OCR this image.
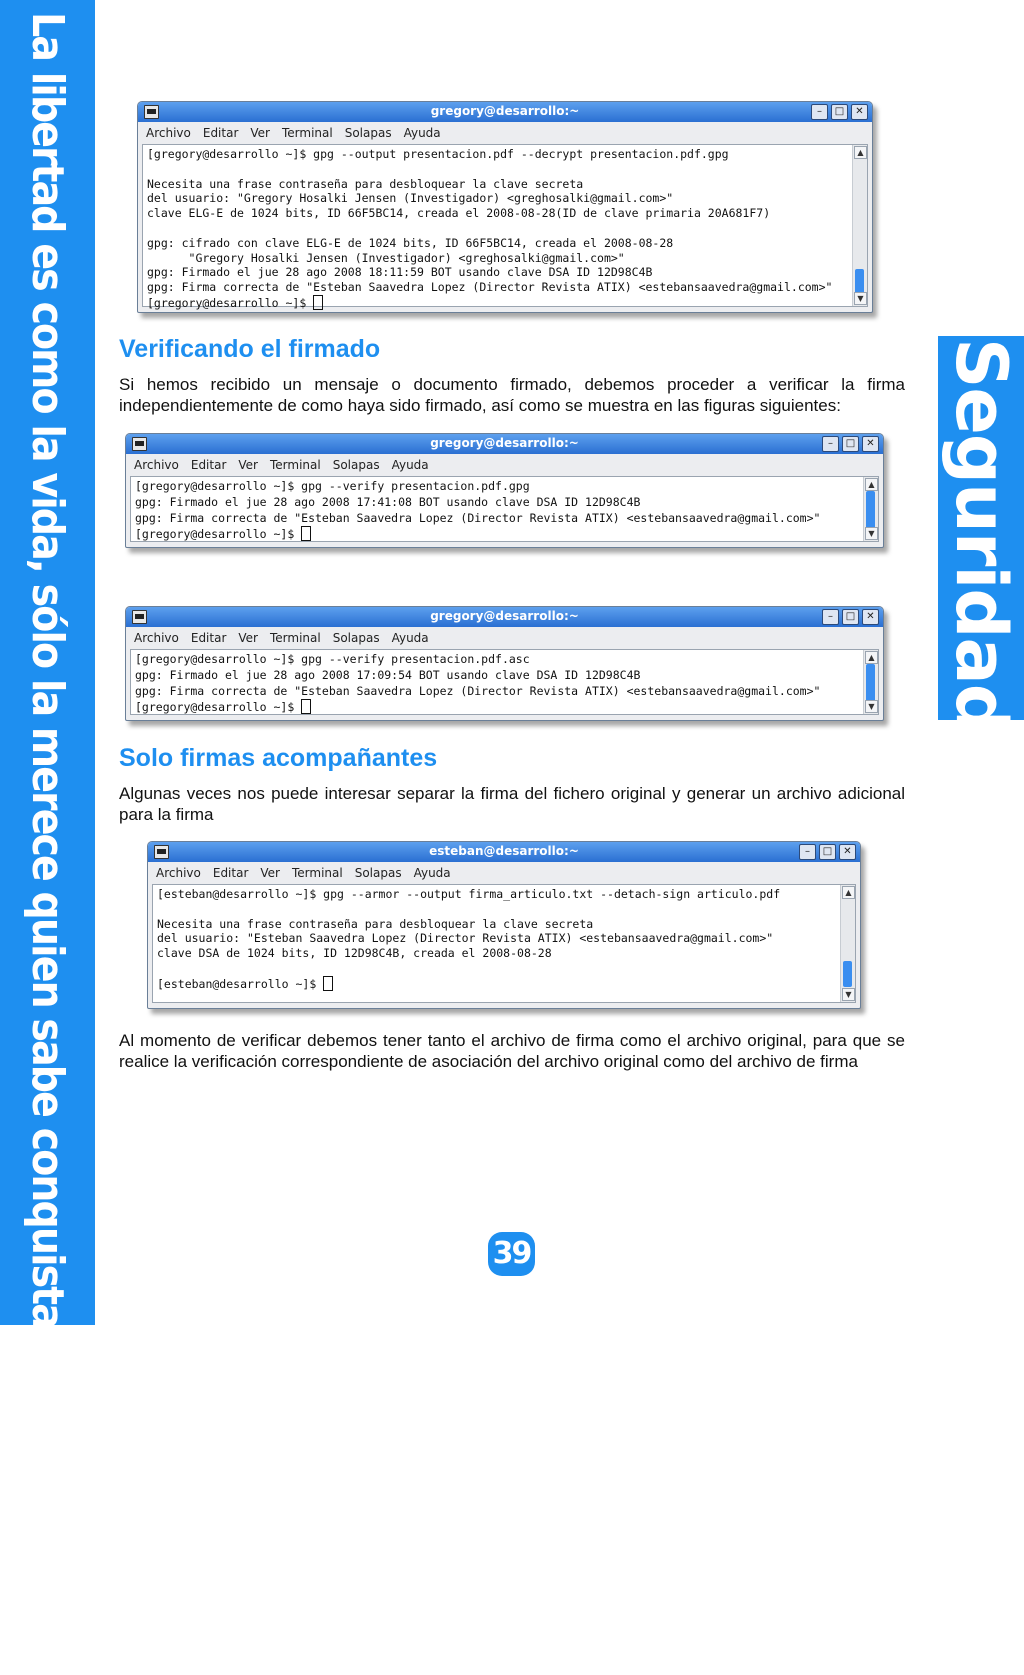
La libertad es como la vida, sólo la merece quien sabe conquistarla todos los días	Seguridad
gregory@desarrollo:~	–	□	✕
Archivo Editar Ver Terminal Solapas Ayuda
[gregory@desarrollo ~]$ gpg --output presentacion.pdf --decrypt presentacion.pdf.gpg

Necesita una frase contraseña para desbloquear la clave secreta
del usuario: "Gregory Hosalki Jensen (Investigador) <greghosalki@gmail.com>"
clave ELG-E de 1024 bits, ID 66F5BC14, creada el 2008-08-28(ID de clave primaria 20A681F7)

gpg: cifrado con clave ELG-E de 1024 bits, ID 66F5BC14, creada el 2008-08-28
"Gregory Hosalki Jensen (Investigador) <greghosalki@gmail.com>"
gpg: Firmado el jue 28 ago 2008 18:11:59 BOT usando clave DSA ID 12D98C4B
gpg: Firma correcta de "Esteban Saavedra Lopez (Director Revista ATIX) <estebansaavedra@gmail.com>"
[gregory@desarrollo ~]$
▲
▼
Verificando el firmado

Si hemos recibido un mensaje o documento firmado, debemos proceder a verificar la firma independientemente de como haya sido firmado, así como se muestra en las figuras siguientes:

gregory@desarrollo:~	–	□	✕
Archivo Editar Ver Terminal Solapas Ayuda
[gregory@desarrollo ~]$ gpg --verify presentacion.pdf.gpg
gpg: Firmado el jue 28 ago 2008 17:41:08 BOT usando clave DSA ID 12D98C4B
gpg: Firma correcta de "Esteban Saavedra Lopez (Director Revista ATIX) <estebansaavedra@gmail.com>"
[gregory@desarrollo ~]$
▲
▼
gregory@desarrollo:~	–	□	✕
Archivo Editar Ver Terminal Solapas Ayuda
[gregory@desarrollo ~]$ gpg --verify presentacion.pdf.asc
gpg: Firmado el jue 28 ago 2008 17:09:54 BOT usando clave DSA ID 12D98C4B
gpg: Firma correcta de "Esteban Saavedra Lopez (Director Revista ATIX) <estebansaavedra@gmail.com>"
[gregory@desarrollo ~]$
▲
▼
Solo firmas acompañantes

Algunas veces nos puede interesar separar la firma del fichero original y generar un archivo adicional para la firma

esteban@desarrollo:~	–	□	✕
Archivo Editar Ver Terminal Solapas Ayuda
[esteban@desarrollo ~]$ gpg --armor --output firma_articulo.txt --detach-sign articulo.pdf

Necesita una frase contraseña para desbloquear la clave secreta
del usuario: "Esteban Saavedra Lopez (Director Revista ATIX) <estebansaavedra@gmail.com>"
clave DSA de 1024 bits, ID 12D98C4B, creada el 2008-08-28

[esteban@desarrollo ~]$
▲
▼

Al momento de verificar debemos tener tanto el archivo de firma como el archivo original, para que se realice la verificación correspondiente de asociación del archivo original como del archivo de firma

39
